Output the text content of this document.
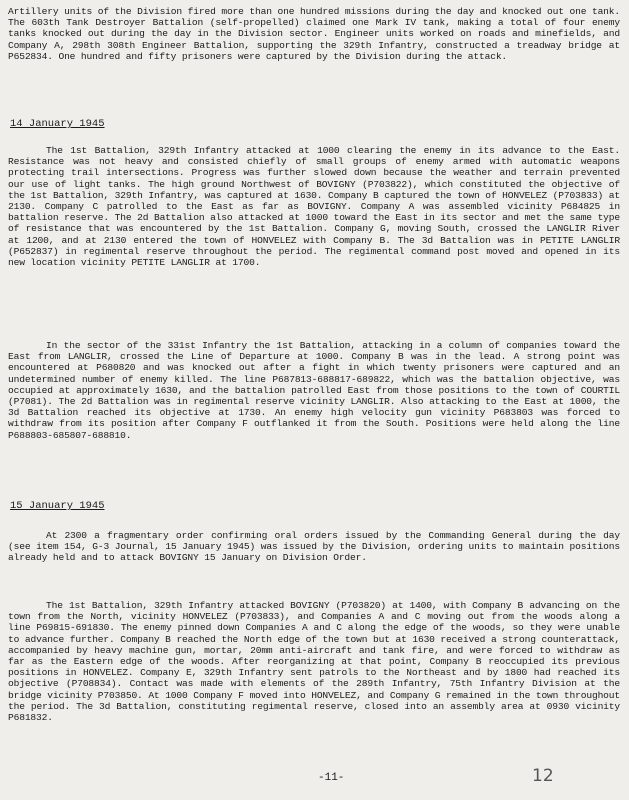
Artillery units of the Division fired more than one hundred missions during the day and knocked out one tank. The 603th Tank Destroyer Battalion (self-propelled) claimed one Mark IV tank, making a total of four enemy tanks knocked out during the day in the Division sector. Engineer units worked on roads and minefields, and Company A, 298th 308th Engineer Battalion, supporting the 329th Infantry, constructed a treadway bridge at P652834. One hundred and fifty prisoners were captured by the Division during the attack.
14 January 1945
The 1st Battalion, 329th Infantry attacked at 1000 clearing the enemy in its advance to the East. Resistance was not heavy and consisted chiefly of small groups of enemy armed with automatic weapons protecting trail intersections. Progress was further slowed down because the weather and terrain prevented our use of light tanks. The high ground Northwest of BOVIGNY (P703822), which constituted the objective of the 1st Battalion, 329th Infantry, was captured at 1630. Company B captured the town of HONVELEZ (P703833) at 2130. Company C patrolled to the East as far as BOVIGNY. Company A was assembled vicinity P684825 in battalion reserve. The 2d Battalion also attacked at 1000 toward the East in its sector and met the same type of resistance that was encountered by the 1st Battalion. Company G, moving South, crossed the LANGLIR River at 1200, and at 2130 entered the town of HONVELEZ with Company B. The 3d Battalion was in PETITE LANGLIR (P652837) in regimental reserve throughout the period. The regimental command post moved and opened in its new location vicinity PETITE LANGLIR at 1700.
In the sector of the 331st Infantry the 1st Battalion, attacking in a column of companies toward the East from LANGLIR, crossed the Line of Departure at 1000. Company B was in the lead. A strong point was encountered at P680820 and was knocked out after a fight in which twenty prisoners were captured and an undetermined number of enemy killed. The line P687813-688817-689822, which was the battalion objective, was occupied at approximately 1630, and the battalion patrolled East from those positions to the town of COURTIL (P7081). The 2d Battalion was in regimental reserve vicinity LANGLIR. Also attacking to the East at 1000, the 3d Battalion reached its objective at 1730. An enemy high velocity gun vicinity P683803 was forced to withdraw from its position after Company F outflanked it from the South. Positions were held along the line P688803-685807-688810.
15 January 1945
At 2300 a fragmentary order confirming oral orders issued by the Commanding General during the day (see item 154, G-3 Journal, 15 January 1945) was issued by the Division, ordering units to maintain positions already held and to attack BOVIGNY 15 January on Division Order.
The 1st Battalion, 329th Infantry attacked BOVIGNY (P703820) at 1400, with Company B advancing on the town from the North, vicinity HONVELEZ (P703833), and Companies A and C moving out from the woods along a line P69815-691830. The enemy pinned down Companies A and C along the edge of the woods, so they were unable to advance further. Company B reached the North edge of the town but at 1630 received a strong counterattack, accompanied by heavy machine gun, mortar, 20mm anti-aircraft and tank fire, and were forced to withdraw as far as the Eastern edge of the woods. After reorganizing at that point, Company B reoccupied its previous positions in HONVELEZ. Company E, 329th Infantry sent patrols to the Northeast and by 1800 had reached its objective (P708834). Contact was made with elements of the 289th Infantry, 75th Infantry Division at the bridge vicinity P703850. At 1000 Company F moved into HONVELEZ, and Company G remained in the town throughout the period. The 3d Battalion, constituting regimental reserve, closed into an assembly area at 0930 vicinity P681832.
-11-	12
